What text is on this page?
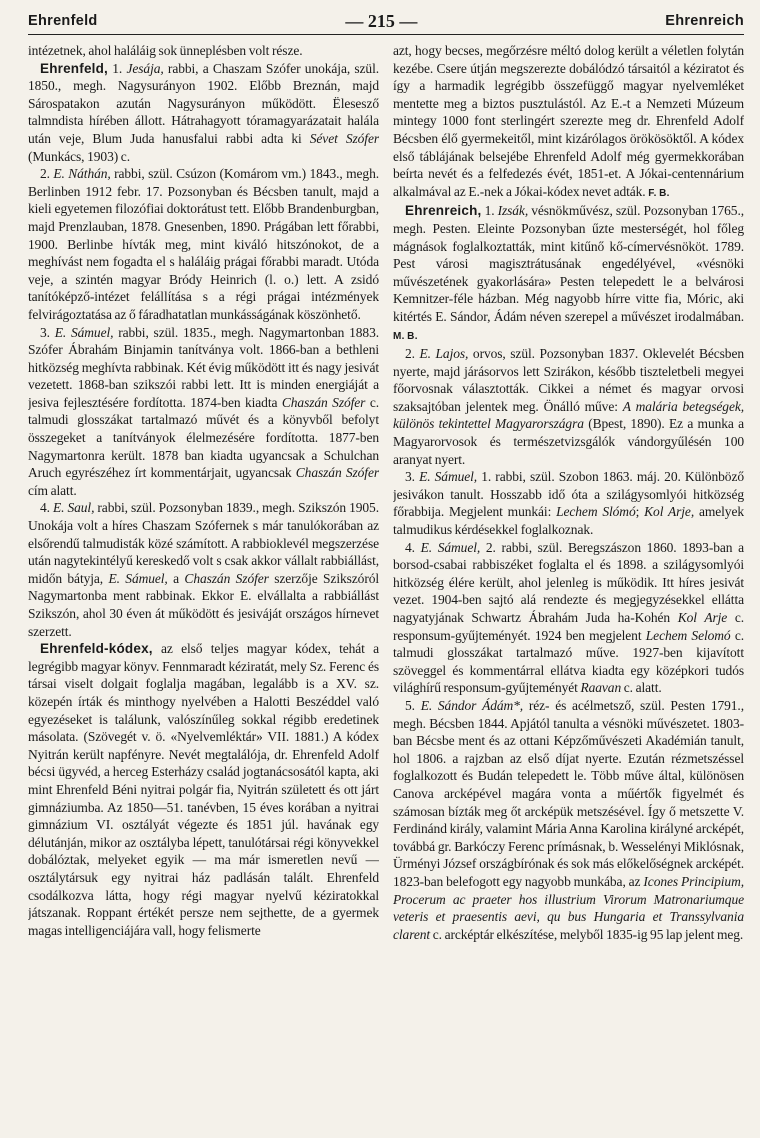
Ehrenfeld	— 215 —	Ehrenreich

intézetnek, ahol haláláig sok ünneplésben volt része.

Ehrenfeld, 1. Jesája, rabbi, a Chaszam Szófer unokája, szül. 1850., megh. Nagysurányon 1902. Előbb Breznán, majd Sárospatakon azután Nagysurányon működött. Ëlesesző talmndista hírében állott. Hátrahagyott tóramagyarázatait halála után veje, Blum Juda hanusfalui rabbi adta ki Sévet Szófer (Munkács, 1903) c.

2. E. Náthán, rabbi, szül. Csúzon (Komárom vm.) 1843., megh. Berlinben 1912 febr. 17. Pozsonyban és Bécsben tanult, majd a kieli egyetemen filozófiai doktorátust tett. Előbb Brandenburgban, majd Prenzlauban, 1878. Gnesenben, 1890. Prágában lett főrabbi, 1900. Berlinbe hívták meg, mint kiváló hitszónokot, de a meghívást nem fogadta el s haláláig prágai főrabbi maradt. Utóda veje, a szintén magyar Bródy Heinrich (l. o.) lett. A zsidó tanítóképző-intézet felállítása s a régi prágai intézmények felvirágoztatása az ő fáradhatatlan munkásságának köszönhető.

3. E. Sámuel, rabbi, szül. 1835., megh. Nagymartonban 1883. Szófer Ábrahám Binjamin tanítványa volt. 1866-ban a bethleni hitközség meghívta rabbinak. Két évig működött itt és nagy jesivát vezetett. 1868-ban szikszói rabbi lett. Itt is minden energiáját a jesiva fejlesztésére fordította. 1874-ben kiadta Chaszán Szófer c. talmudi glosszákat tartalmazó művét és a könyvből befolyt összegeket a tanítványok élelmezésére fordította. 1877-ben Nagymartonra került. 1878 ban kiadta ugyancsak a Schulchan Aruch egyrészéhez írt kommentárjait, ugyancsak Chaszán Szófer cím alatt.

4. E. Saul, rabbi, szül. Pozsonyban 1839., megh. Szikszón 1905. Unokája volt a híres Chaszam Szófernek s már tanulókorában az elsőrendű talmudisták közé számított. A rabbioklevél megszerzése után nagytekintélyű kereskedő volt s csak akkor vállalt rabbiállást, midőn bátyja, E. Sámuel, a Chaszán Szófer szerzője Szikszóról Nagymartonba ment rabbinak. Ekkor E. elvállalta a rabbiállást Szikszón, ahol 30 éven át működött és jesiváját országos hírnevet szerzett.

Ehrenfeld-kódex, az első teljes magyar kódex, tehát a legrégibb magyar könyv. Fennmaradt kéziratát, mely Sz. Ferenc és társai viselt dolgait foglalja magában, legalább is a XV. sz. közepén írták és minthogy nyelvében a Halotti Beszéddel való egyezéseket is találunk, valószínűleg sokkal régibb eredetinek másolata. (Szövegét v. ö. «Nyelvemléktár» VII. 1881.) A kódex Nyitrán került napfényre. Nevét megtalálója, dr. Ehrenfeld Adolf bécsi ügyvéd, a herceg Esterházy család jogtanácsosától kapta, aki mint Ehrenfeld Béni nyitrai polgár fia, Nyitrán született és ott járt gimnáziumba. Az 1850—51. tanévben, 15 éves korában a nyitrai gimnázium VI. osztályát végezte és 1851 júl. havának egy délutánján, mikor az osztályba lépett, tanulótársai régi könyvekkel dobálóztak, melyeket egyik — ma már ismeretlen nevű — osztálytársuk egy nyitrai ház padlásán talált. Ehrenfeld csodálkozva látta, hogy régi magyar nyelvű kéziratokkal játszanak. Roppant értékét persze nem sejthette, de a gyermek magas intelligenciájára vall, hogy felismerte

azt, hogy becses, megőrzésre méltó dolog került a véletlen folytán kezébe. Csere útján megszerezte dobálódzó társaitól a kéziratot és így a harmadik legrégibb összefüggő magyar nyelvemléket mentette meg a biztos pusztulástól. Az E.-t a Nemzeti Múzeum mintegy 1000 font sterlingért szerezte meg dr. Ehrenfeld Adolf Bécsben élő gyermekeitől, mint kizárólagos örökösöktől. A kódex első táblájának belsejébe Ehrenfeld Adolf még gyermekkorában beírta nevét és a felfedezés évét, 1851-et. A Jókai-centennárium alkalmával az E.-nek a Jókai-kódex nevet adták. F. B.

Ehrenreich, 1. Izsák, vésnökművész, szül. Pozsonyban 1765., megh. Pesten. Eleinte Pozsonyban űzte mesterségét, hol főleg mágnások foglalkoztatták, mint kitűnő kő-címervésnököt. 1789. Pest városi magisztrátusának engedélyével, «vésnöki művészetének gyakorlására» Pesten telepedett le a belvárosi Kemnitzer-féle házban. Még nagyobb hírre vitte fia, Móric, aki kitértés E. Sándor, Ádám néven szerepel a művészet irodalmában. M. B.

2. E. Lajos, orvos, szül. Pozsonyban 1837. Oklevelét Bécsben nyerte, majd járásorvos lett Szirákon, később tiszteletbeli megyei főorvosnak választották. Cikkei a német és magyar orvosi szaksajtóban jelentek meg. Önálló műve: A malária betegségek, különös tekintettel Magyarországra (Bpest, 1890). Ez a munka a Magyarorvosok és természetvizsgálók vándorgyűlésén 100 aranyat nyert.

3. E. Sámuel, 1. rabbi, szül. Szobon 1863. máj. 20. Különböző jesivákon tanult. Hosszabb idő óta a szilágysomlyói hitközség főrabbija. Megjelent munkái: Lechem Slómó; Kol Arje, amelyek talmudikus kérdésekkel foglalkoznak.

4. E. Sámuel, 2. rabbi, szül. Beregszászon 1860. 1893-ban a borsod-csabai rabbiszéket foglalta el és 1898. a szilágysomlyói hitközség élére került, ahol jelenleg is működik. Itt híres jesivát vezet. 1904-ben sajtó alá rendezte és megjegyzésekkel ellátta nagyatyjának Schwartz Ábrahám Juda ha-Kohén Kol Arje c. responsum-gyűjteményét. 1924 ben megjelent Lechem Selomó c. talmudi glosszákat tartalmazó műve. 1927-ben kijavított szöveggel és kommentárral ellátva kiadta egy középkori tudós világhírű responsum-gyűjteményét Raavan c. alatt.

5. E. Sándor Ádám*, réz- és acélmetsző, szül. Pesten 1791., megh. Bécsben 1844. Apjától tanulta a vésnöki művészetet. 1803-ban Bécsbe ment és az ottani Képzőművészeti Akadémián tanult, hol 1806. a rajzban az első díjat nyerte. Ezután rézmetszéssel foglalkozott és Budán telepedett le. Több műve által, különösen Canova arcképével magára vonta a műértők figyelmét és számosan bízták meg őt arcképük metszésével. Így ő metszette V. Ferdinánd király, valamint Mária Anna Karolina királyné arcképét, továbbá gr. Barkóczy Ferenc prímásnak, b. Wesselényi Miklósnak, Ürményi József országbírónak és sok más előkelőségnek arcképét. 1823-ban belefogott egy nagyobb munkába, az Icones Principium, Procerum ac praeter hos illustrium Virorum Matronariumque veteris et praesentis aevi, qu bus Hungaria et Transsylvania clarent c. arcképtár elkészítése, melyből 1835-ig 95 lap jelent meg.
